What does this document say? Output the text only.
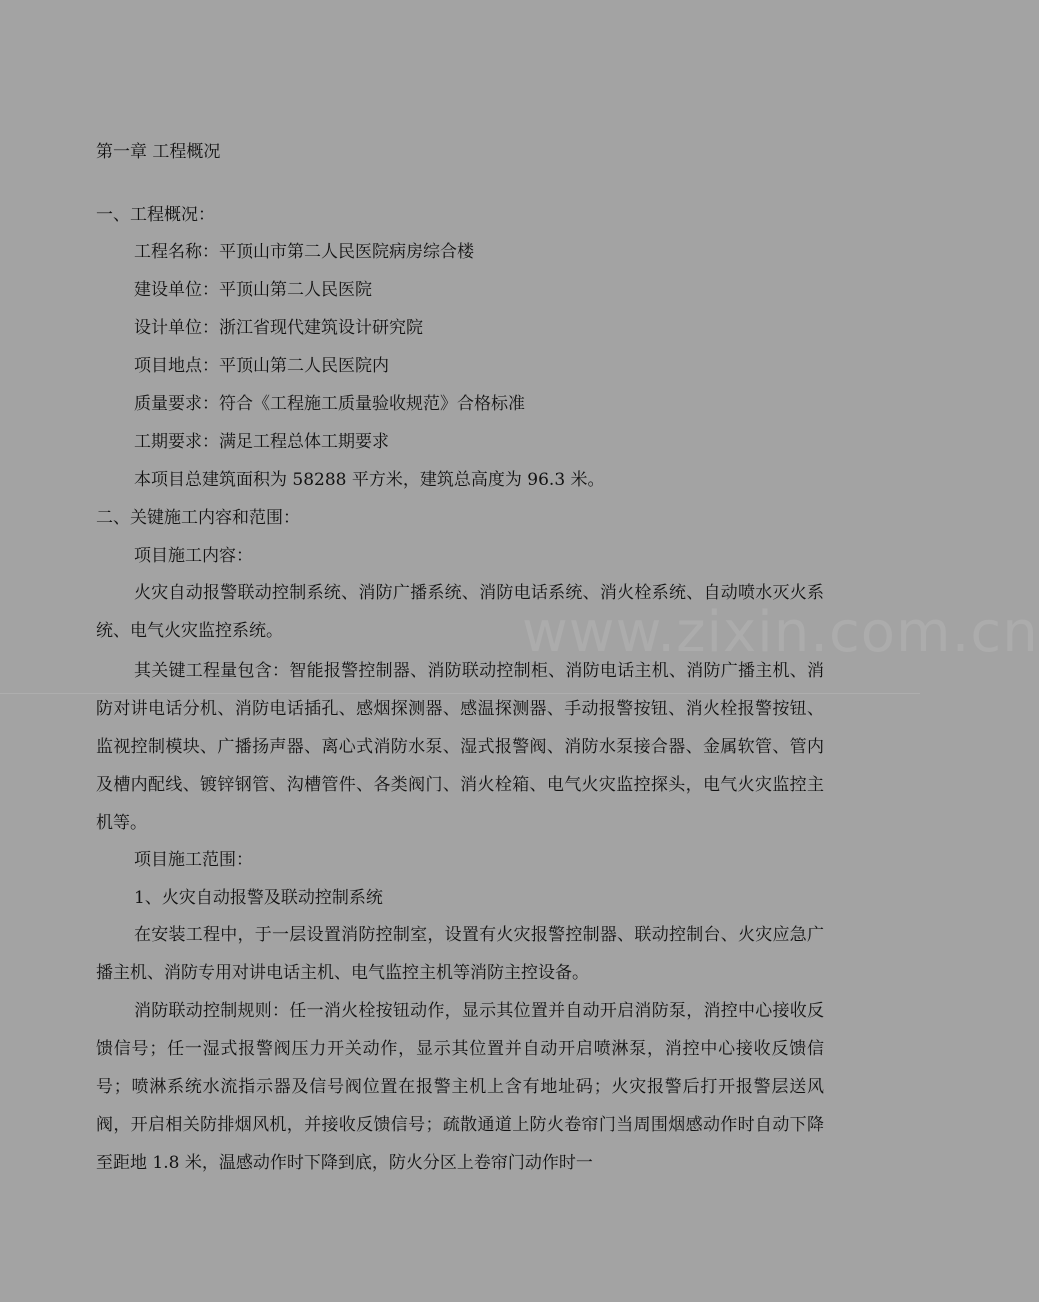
www.zixin.com.cn

第一章 工程概况

一、工程概况：

工程名称：平顶山市第二人民医院病房综合楼

建设单位：平顶山第二人民医院

设计单位：浙江省现代建筑设计研究院

项目地点：平顶山第二人民医院内

质量要求：符合《工程施工质量验收规范》合格标准

工期要求：满足工程总体工期要求

本项目总建筑面积为 58288 平方米，建筑总高度为 96.3 米。

二、关键施工内容和范围：

项目施工内容：

火灾自动报警联动控制系统、消防广播系统、消防电话系统、消火栓系统、自动喷水灭火系统、电气火灾监控系统。

其关键工程量包含：智能报警控制器、消防联动控制柜、消防电话主机、消防广播主机、消防对讲电话分机、消防电话插孔、感烟探测器、感温探测器、手动报警按钮、消火栓报警按钮、监视控制模块、广播扬声器、离心式消防水泵、湿式报警阀、消防水泵接合器、金属软管、管内及槽内配线、镀锌钢管、沟槽管件、各类阀门、消火栓箱、电气火灾监控探头，电气火灾监控主机等。

项目施工范围：

1、火灾自动报警及联动控制系统

在安装工程中，于一层设置消防控制室，设置有火灾报警控制器、联动控制台、火灾应急广播主机、消防专用对讲电话主机、电气监控主机等消防主控设备。

消防联动控制规则：任一消火栓按钮动作，显示其位置并自动开启消防泵，消控中心接收反馈信号；任一湿式报警阀压力开关动作，显示其位置并自动开启喷淋泵，消控中心接收反馈信号；喷淋系统水流指示器及信号阀位置在报警主机上含有地址码；火灾报警后打开报警层送风阀，开启相关防排烟风机，并接收反馈信号；疏散通道上防火卷帘门当周围烟感动作时自动下降至距地 1.8 米，温感动作时下降到底，防火分区上卷帘门动作时一
